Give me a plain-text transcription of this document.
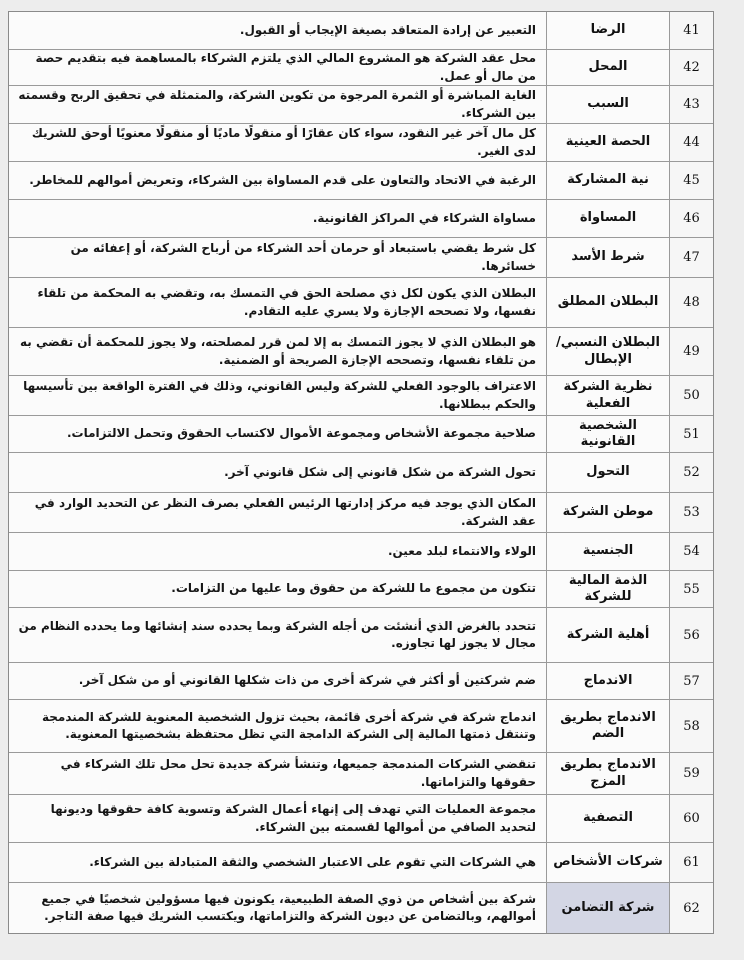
41
الرضا
التعبير عن إرادة المتعاقد بصيغة الإيجاب أو القبول.
42
المحل
محل عقد الشركة هو المشروع المالي الذي يلتزم الشركاء بالمساهمة فيه بتقديم حصة من مال أو عمل.
43
السبب
الغاية المباشرة أو الثمرة المرجوة من تكوين الشركة، والمتمثلة في تحقيق الربح وقسمته بين الشركاء.
44
الحصة العينية
كل مال آخر غير النقود، سواء كان عقارًا أو منقولًا ماديًا أو منقولًا معنويًا أوحق للشريك لدى الغير.
45
نية المشاركة
الرغبة في الاتحاد والتعاون على قدم المساواة بين الشركاء، وتعريض أموالهم للمخاطر.
46
المساواة
مساواة الشركاء في المراكز القانونية.
47
شرط الأسد
كل شرط يقضي باستبعاد أو حرمان أحد الشركاء من أرباح الشركة، أو إعفائه من خسائرها.
48
البطلان المطلق
البطلان الذي يكون لكل ذي مصلحة الحق في التمسك به، وتقضي به المحكمة من تلقاء نفسها، ولا تصححه الإجازة ولا يسري عليه التقادم.
49
البطلان النسبي/ الإبطال
هو البطلان الذي لا يجوز التمسك به إلا لمن قرر لمصلحته، ولا يجوز للمحكمة أن تقضي به من تلقاء نفسها، وتصححه الإجازة الصريحة أو الضمنية.
50
نظرية الشركة الفعلية
الاعتراف بالوجود الفعلي للشركة وليس القانوني، وذلك في الفترة الواقعة بين تأسيسها والحكم ببطلانها.
51
الشخصية القانونية
صلاحية مجموعة الأشخاص ومجموعة الأموال لاكتساب الحقوق وتحمل الالتزامات.
52
التحول
تحول الشركة من شكل قانوني إلى شكل قانوني آخر.
53
موطن الشركة
المكان الذي يوجد فيه مركز إدارتها الرئيس الفعلي بصرف النظر عن التحديد الوارد في عقد الشركة.
54
الجنسية
الولاء والانتماء لبلد معين.
55
الذمة المالية للشركة
تتكون من مجموع ما للشركة من حقوق وما عليها من التزامات.
56
أهلية الشركة
تتحدد بالغرض الذي أنشئت من أجله الشركة وبما يحدده سند إنشائها وما يحدده النظام من مجال لا يجوز لها تجاوزه.
57
الاندماج
ضم شركتين أو أكثر في شركة أخرى من ذات شكلها القانوني أو من شكل آخر.
58
الاندماج بطريق الضم
اندماج شركة في شركة أخرى قائمة، بحيث تزول الشخصية المعنوية للشركة المندمجة وتنتقل ذمتها المالية إلى الشركة الدامجة التي تظل محتفظة بشخصيتها المعنوية.
59
الاندماج بطريق المزج
تنقضي الشركات المندمجة جميعها، وتنشأ شركة جديدة تحل محل تلك الشركاء في حقوقها والتزاماتها.
60
التصفية
مجموعة العمليات التي تهدف إلى إنهاء أعمال الشركة وتسوية كافة حقوقها وديونها لتحديد الصافي من أموالها لقسمته بين الشركاء.
61
شركات الأشخاص
هي الشركات التي تقوم على الاعتبار الشخصي والثقة المتبادلة بين الشركاء.
62
شركة التضامن
شركة بين أشخاص من ذوي الصفة الطبيعية، يكونون فيها مسؤولين شخصيًا في جميع أموالهم، وبالتضامن عن ديون الشركة والتزاماتها، ويكتسب الشريك فيها صفة التاجر.
